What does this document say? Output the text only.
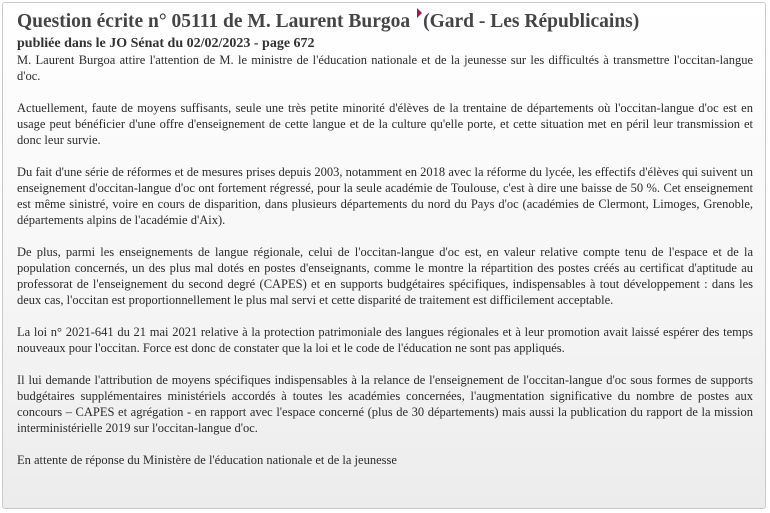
Question écrite n° 05111 de M. Laurent Burgoa (Gard - Les Républicains)
publiée dans le JO Sénat du 02/02/2023 - page 672

M. Laurent Burgoa attire l'attention de M. le ministre de l'éducation nationale et de la jeunesse sur les difficultés à transmettre l'occitan-langue d'oc.

Actuellement, faute de moyens suffisants, seule une très petite minorité d'élèves de la trentaine de départements où l'occitan-langue d'oc est en usage peut bénéficier d'une offre d'enseignement de cette langue et de la culture qu'elle porte, et cette situation met en péril leur transmission et donc leur survie.

Du fait d'une série de réformes et de mesures prises depuis 2003, notamment en 2018 avec la réforme du lycée, les effectifs d'élèves qui suivent un enseignement d'occitan-langue d'oc ont fortement régressé, pour la seule académie de Toulouse, c'est à dire une baisse de 50 %. Cet enseignement est même sinistré, voire en cours de disparition, dans plusieurs départements du nord du Pays d'oc (académies de Clermont, Limoges, Grenoble, départements alpins de l'académie d'Aix).

De plus, parmi les enseignements de langue régionale, celui de l'occitan-langue d'oc est, en valeur relative compte tenu de l'espace et de la population concernés, un des plus mal dotés en postes d'enseignants, comme le montre la répartition des postes créés au certificat d'aptitude au professorat de l'enseignement du second degré (CAPES) et en supports budgétaires spécifiques, indispensables à tout développement : dans les deux cas, l'occitan est proportionnellement le plus mal servi et cette disparité de traitement est difficilement acceptable.

La loi n° 2021-641 du 21 mai 2021 relative à la protection patrimoniale des langues régionales et à leur promotion avait laissé espérer des temps nouveaux pour l'occitan. Force est donc de constater que la loi et le code de l'éducation ne sont pas appliqués.

Il lui demande l'attribution de moyens spécifiques indispensables à la relance de l'enseignement de l'occitan-langue d'oc sous formes de supports budgétaires supplémentaires ministériels accordés à toutes les académies concernées, l'augmentation significative du nombre de postes aux concours – CAPES et agrégation - en rapport avec l'espace concerné (plus de 30 départements) mais aussi la publication du rapport de la mission interministérielle 2019 sur l'occitan-langue d'oc.

En attente de réponse du Ministère de l'éducation nationale et de la jeunesse
